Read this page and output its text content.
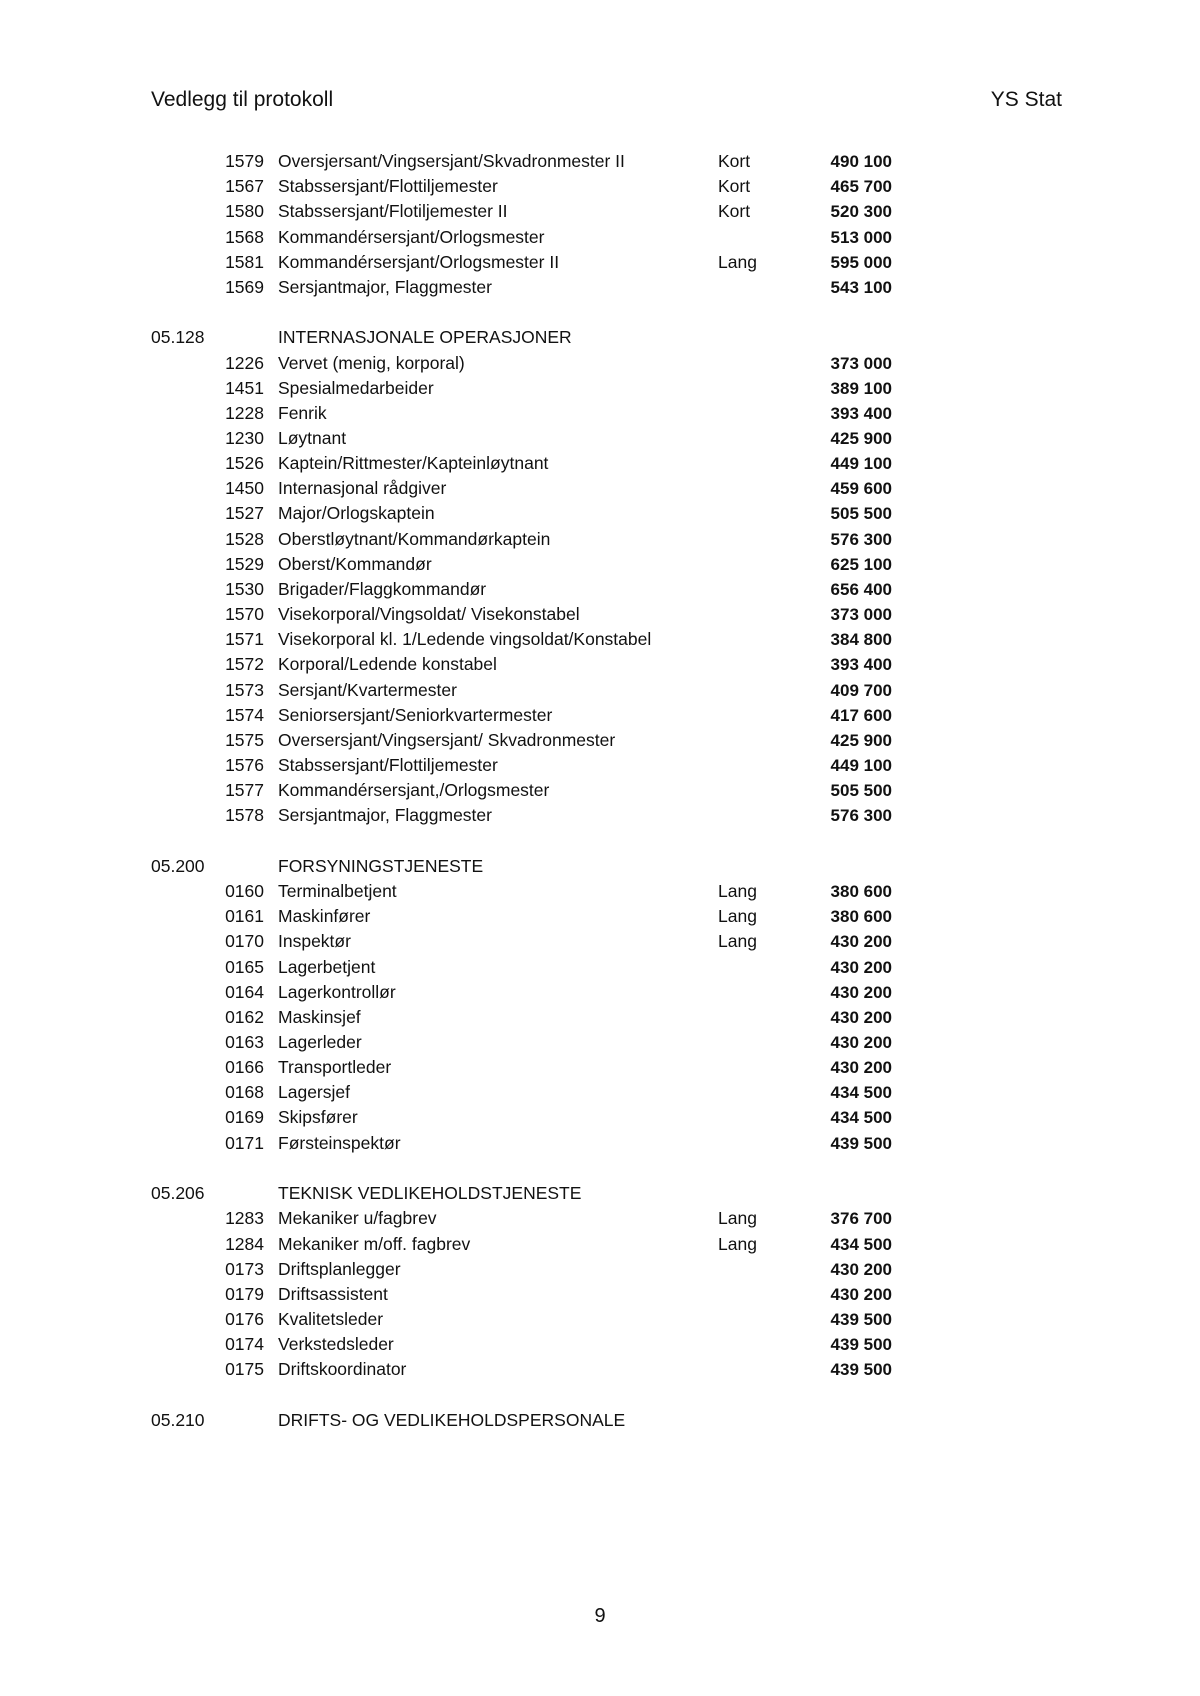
Vedlegg til protokoll	YS Stat
1579 Oversjersant/Vingsersjant/Skvadronmester II	Kort	490 100
1567 Stabssersjant/Flottiljemester	Kort	465 700
1580 Stabssersjant/Flotiljemester II	Kort	520 300
1568 Kommandérsersjant/Orlogsmester	513 000
1581 Kommandérsersjant/Orlogsmester II	Lang	595 000
1569 Sersjantmajor, Flaggmester	543 100
05.128	INTERNASJONALE OPERASJONER
1226 Vervet (menig, korporal)	373 000
1451 Spesialmedarbeider	389 100
1228 Fenrik	393 400
1230 Løytnant	425 900
1526 Kaptein/Rittmester/Kapteinløytnant	449 100
1450 Internasjonal rådgiver	459 600
1527 Major/Orlogskaptein	505 500
1528 Oberstløytnant/Kommandørkaptein	576 300
1529 Oberst/Kommandør	625 100
1530 Brigader/Flaggkommandør	656 400
1570 Visekorporal/Vingsoldat/ Visekonstabel	373 000
1571 Visekorporal kl. 1/Ledende vingsoldat/Konstabel	384 800
1572 Korporal/Ledende konstabel	393 400
1573 Sersjant/Kvartermester	409 700
1574 Seniorsersjant/Seniorkvartermester	417 600
1575 Oversersjant/Vingsersjant/ Skvadronmester	425 900
1576 Stabssersjant/Flottiljemester	449 100
1577 Kommandérsersjant,/Orlogsmester	505 500
1578 Sersjantmajor, Flaggmester	576 300
05.200	FORSYNINGSTJENESTE
0160 Terminalbetjent	Lang	380 600
0161 Maskinfører	Lang	380 600
0170 Inspektør	Lang	430 200
0165 Lagerbetjent	430 200
0164 Lagerkontrollør	430 200
0162 Maskinsjef	430 200
0163 Lagerleder	430 200
0166 Transportleder	430 200
0168 Lagersjef	434 500
0169 Skipsfører	434 500
0171 Førsteinspektør	439 500
05.206	TEKNISK VEDLIKEHOLDSTJENESTE
1283 Mekaniker u/fagbrev	Lang	376 700
1284 Mekaniker m/off. fagbrev	Lang	434 500
0173 Driftsplanlegger	430 200
0179 Driftsassistent	430 200
0176 Kvalitetsleder	439 500
0174 Verkstedsleder	439 500
0175 Driftskoordinator	439 500
05.210	DRIFTS- OG VEDLIKEHOLDSPERSONALE
9
